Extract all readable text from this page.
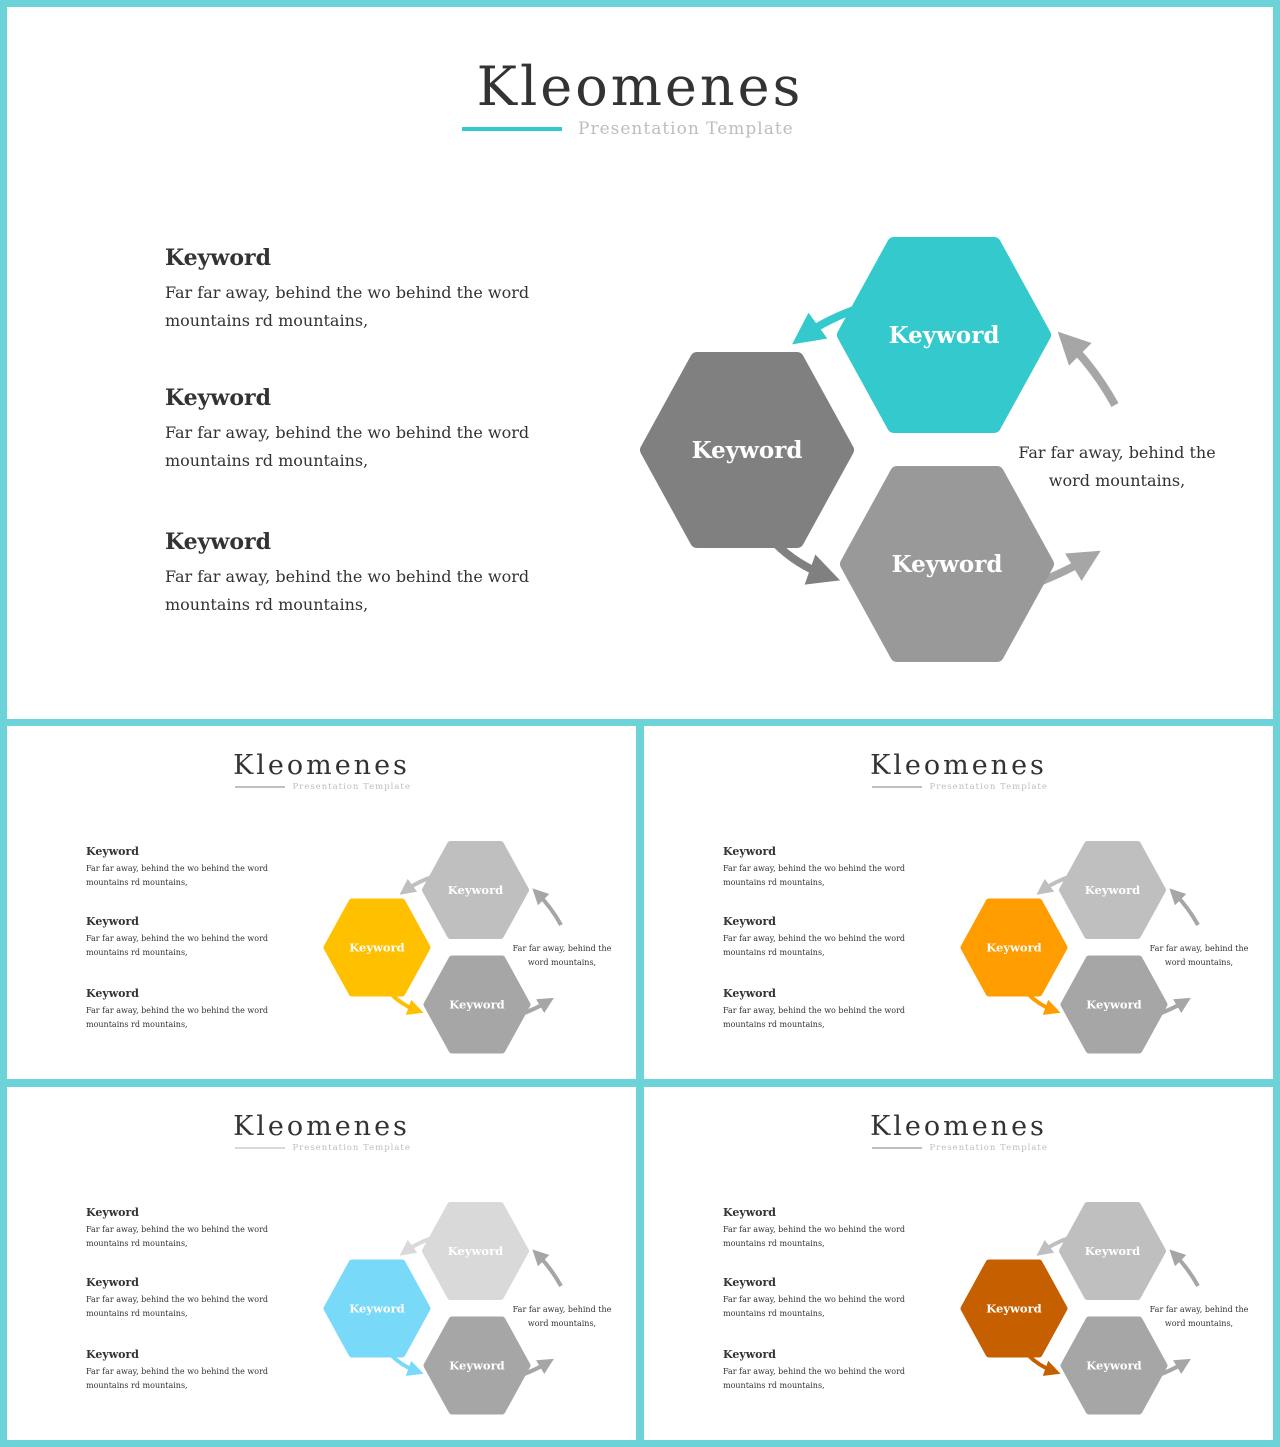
Kleomenes
Presentation Template
Keyword
Far far away, behind the wo behind the word
mountains rd mountains,
Keyword
Far far away, behind the wo behind the word
mountains rd mountains,
Keyword
Far far away, behind the wo behind the word
mountains rd mountains,
Far far away, behind the
word mountains,
Keyword
Keyword
Keyword
Kleomenes
Presentation Template
Keyword
Far far away, behind the wo behind the word
mountains rd mountains,
Keyword
Far far away, behind the wo behind the word
mountains rd mountains,
Keyword
Far far away, behind the wo behind the word
mountains rd mountains,
Far far away, behind the
word mountains,
Keyword
Keyword
Keyword
Kleomenes
Presentation Template
Keyword
Far far away, behind the wo behind the word
mountains rd mountains,
Keyword
Far far away, behind the wo behind the word
mountains rd mountains,
Keyword
Far far away, behind the wo behind the word
mountains rd mountains,
Far far away, behind the
word mountains,
Keyword
Keyword
Keyword
Kleomenes
Presentation Template
Keyword
Far far away, behind the wo behind the word
mountains rd mountains,
Keyword
Far far away, behind the wo behind the word
mountains rd mountains,
Keyword
Far far away, behind the wo behind the word
mountains rd mountains,
Far far away, behind the
word mountains,
Keyword
Keyword
Keyword
Kleomenes
Presentation Template
Keyword
Far far away, behind the wo behind the word
mountains rd mountains,
Keyword
Far far away, behind the wo behind the word
mountains rd mountains,
Keyword
Far far away, behind the wo behind the word
mountains rd mountains,
Far far away, behind the
word mountains,
Keyword
Keyword
Keyword
